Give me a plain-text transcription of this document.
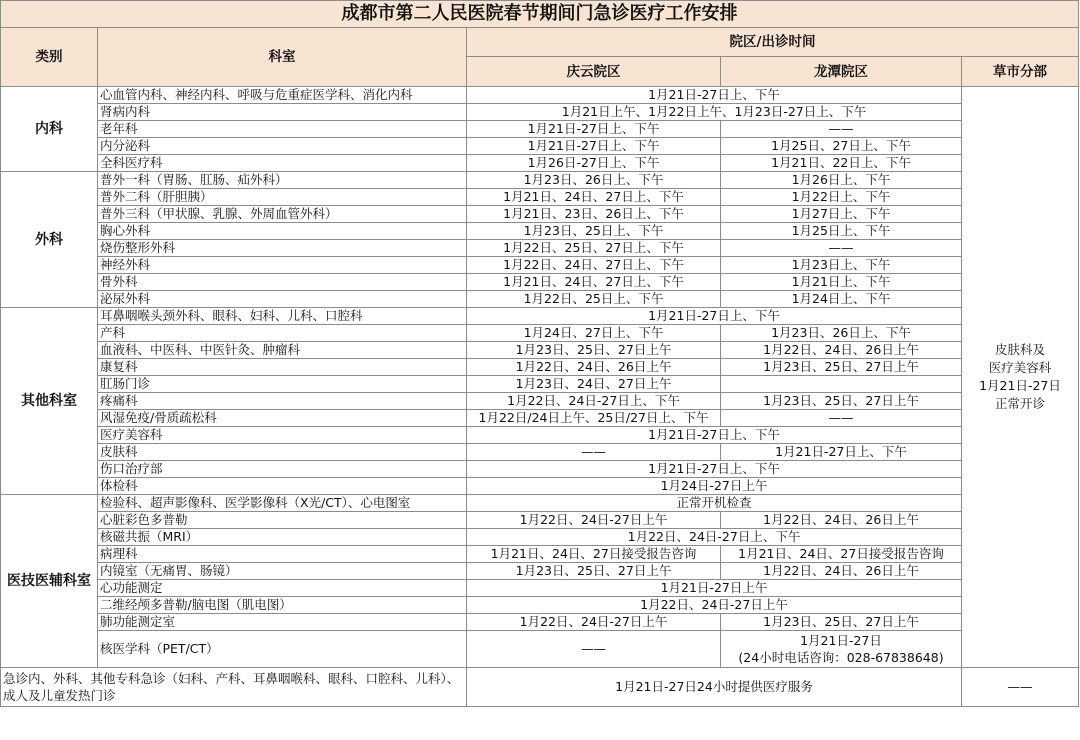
成都市第二人民医院春节期间门急诊医疗工作安排				
类别	科室	院区/出诊时间		
		庆云院区	龙潭院区	草市分部
内科	心血管内科、神经内科、呼吸与危重症医学科、消化内科	1月21日-27日上、下午		皮肤科及
医疗美容科
1月21日-27日
正常开诊

	肾病内科	1月21日上午、1月22日上午、1月23日-27日上、下午		
	老年科	1月21日-27日上、下午	——	
	内分泌科	1月21日-27日上、下午	1月25日、27日上、下午	
	全科医疗科	1月26日-27日上、下午	1月21日、22日上、下午	
外科	普外一科（胃肠、肛肠、疝外科）	1月23日、26日上、下午	1月26日上、下午	
	普外二科（肝胆胰）	1月21日、24日、27日上、下午	1月22日上、下午	
	普外三科（甲状腺、乳腺、外周血管外科）	1月21日、23日、26日上、下午	1月27日上、下午	
	胸心外科	1月23日、25日上、下午	1月25日上、下午	
	烧伤整形外科	1月22日、25日、27日上、下午	——	
	神经外科	1月22日、24日、27日上、下午	1月23日上、下午	
	骨外科	1月21日、24日、27日上、下午	1月21日上、下午	
	泌尿外科	1月22日、25日上、下午	1月24日上、下午	
其他科室	耳鼻咽喉头颈外科、眼科、妇科、儿科、口腔科	1月21日-27日上、下午		
	产科	1月24日、27日上、下午	1月23日、26日上、下午	
	血液科、中医科、中医针灸、肿瘤科	1月23日、25日、27日上午	1月22日、24日、26日上午	
	康复科	1月22日、24日、26日上午	1月23日、25日、27日上午	
	肛肠门诊	1月23日、24日、27日上午		
	疼痛科	1月22日、24日-27日上、下午	1月23日、25日、27日上午	
	风湿免疫/骨质疏松科	1月22日/24日上午、25日/27日上、下午	——	
	医疗美容科	1月21日-27日上、下午		
	皮肤科	——	1月21日-27日上、下午	
	伤口治疗部	1月21日-27日上、下午		
	体检科	1月24日-27日上午		
医技医辅科室	检验科、超声影像科、医学影像科（X光/CT）、心电图室	正常开机检查		
	心脏彩色多普勒	1月22日、24日-27日上午	1月22日、24日、26日上午	
	核磁共振（MRI）	1月22日、24日-27日上、下午		
	病理科	1月21日、24日、27日接受报告咨询	1月21日、24日、27日接受报告咨询	
	内镜室（无痛胃、肠镜）	1月23日、25日、27日上午	1月22日、24日、26日上午	
	心功能测定	1月21日-27日上午		
	二维经颅多普勒/脑电图（肌电图）	1月22日、24日-27日上午		
	肺功能测定室	1月22日、24日-27日上午	1月23日、25日、27日上午	
	核医学科（PET/CT）	——	1月21日-27日
(24小时电话咨询：028-67838648)	

急诊内、外科、其他专科急诊（妇科、产科、耳鼻咽喉科、眼科、口腔科、儿科）、成人及儿童发热门诊		1月21日-27日24小时提供医疗服务		——
